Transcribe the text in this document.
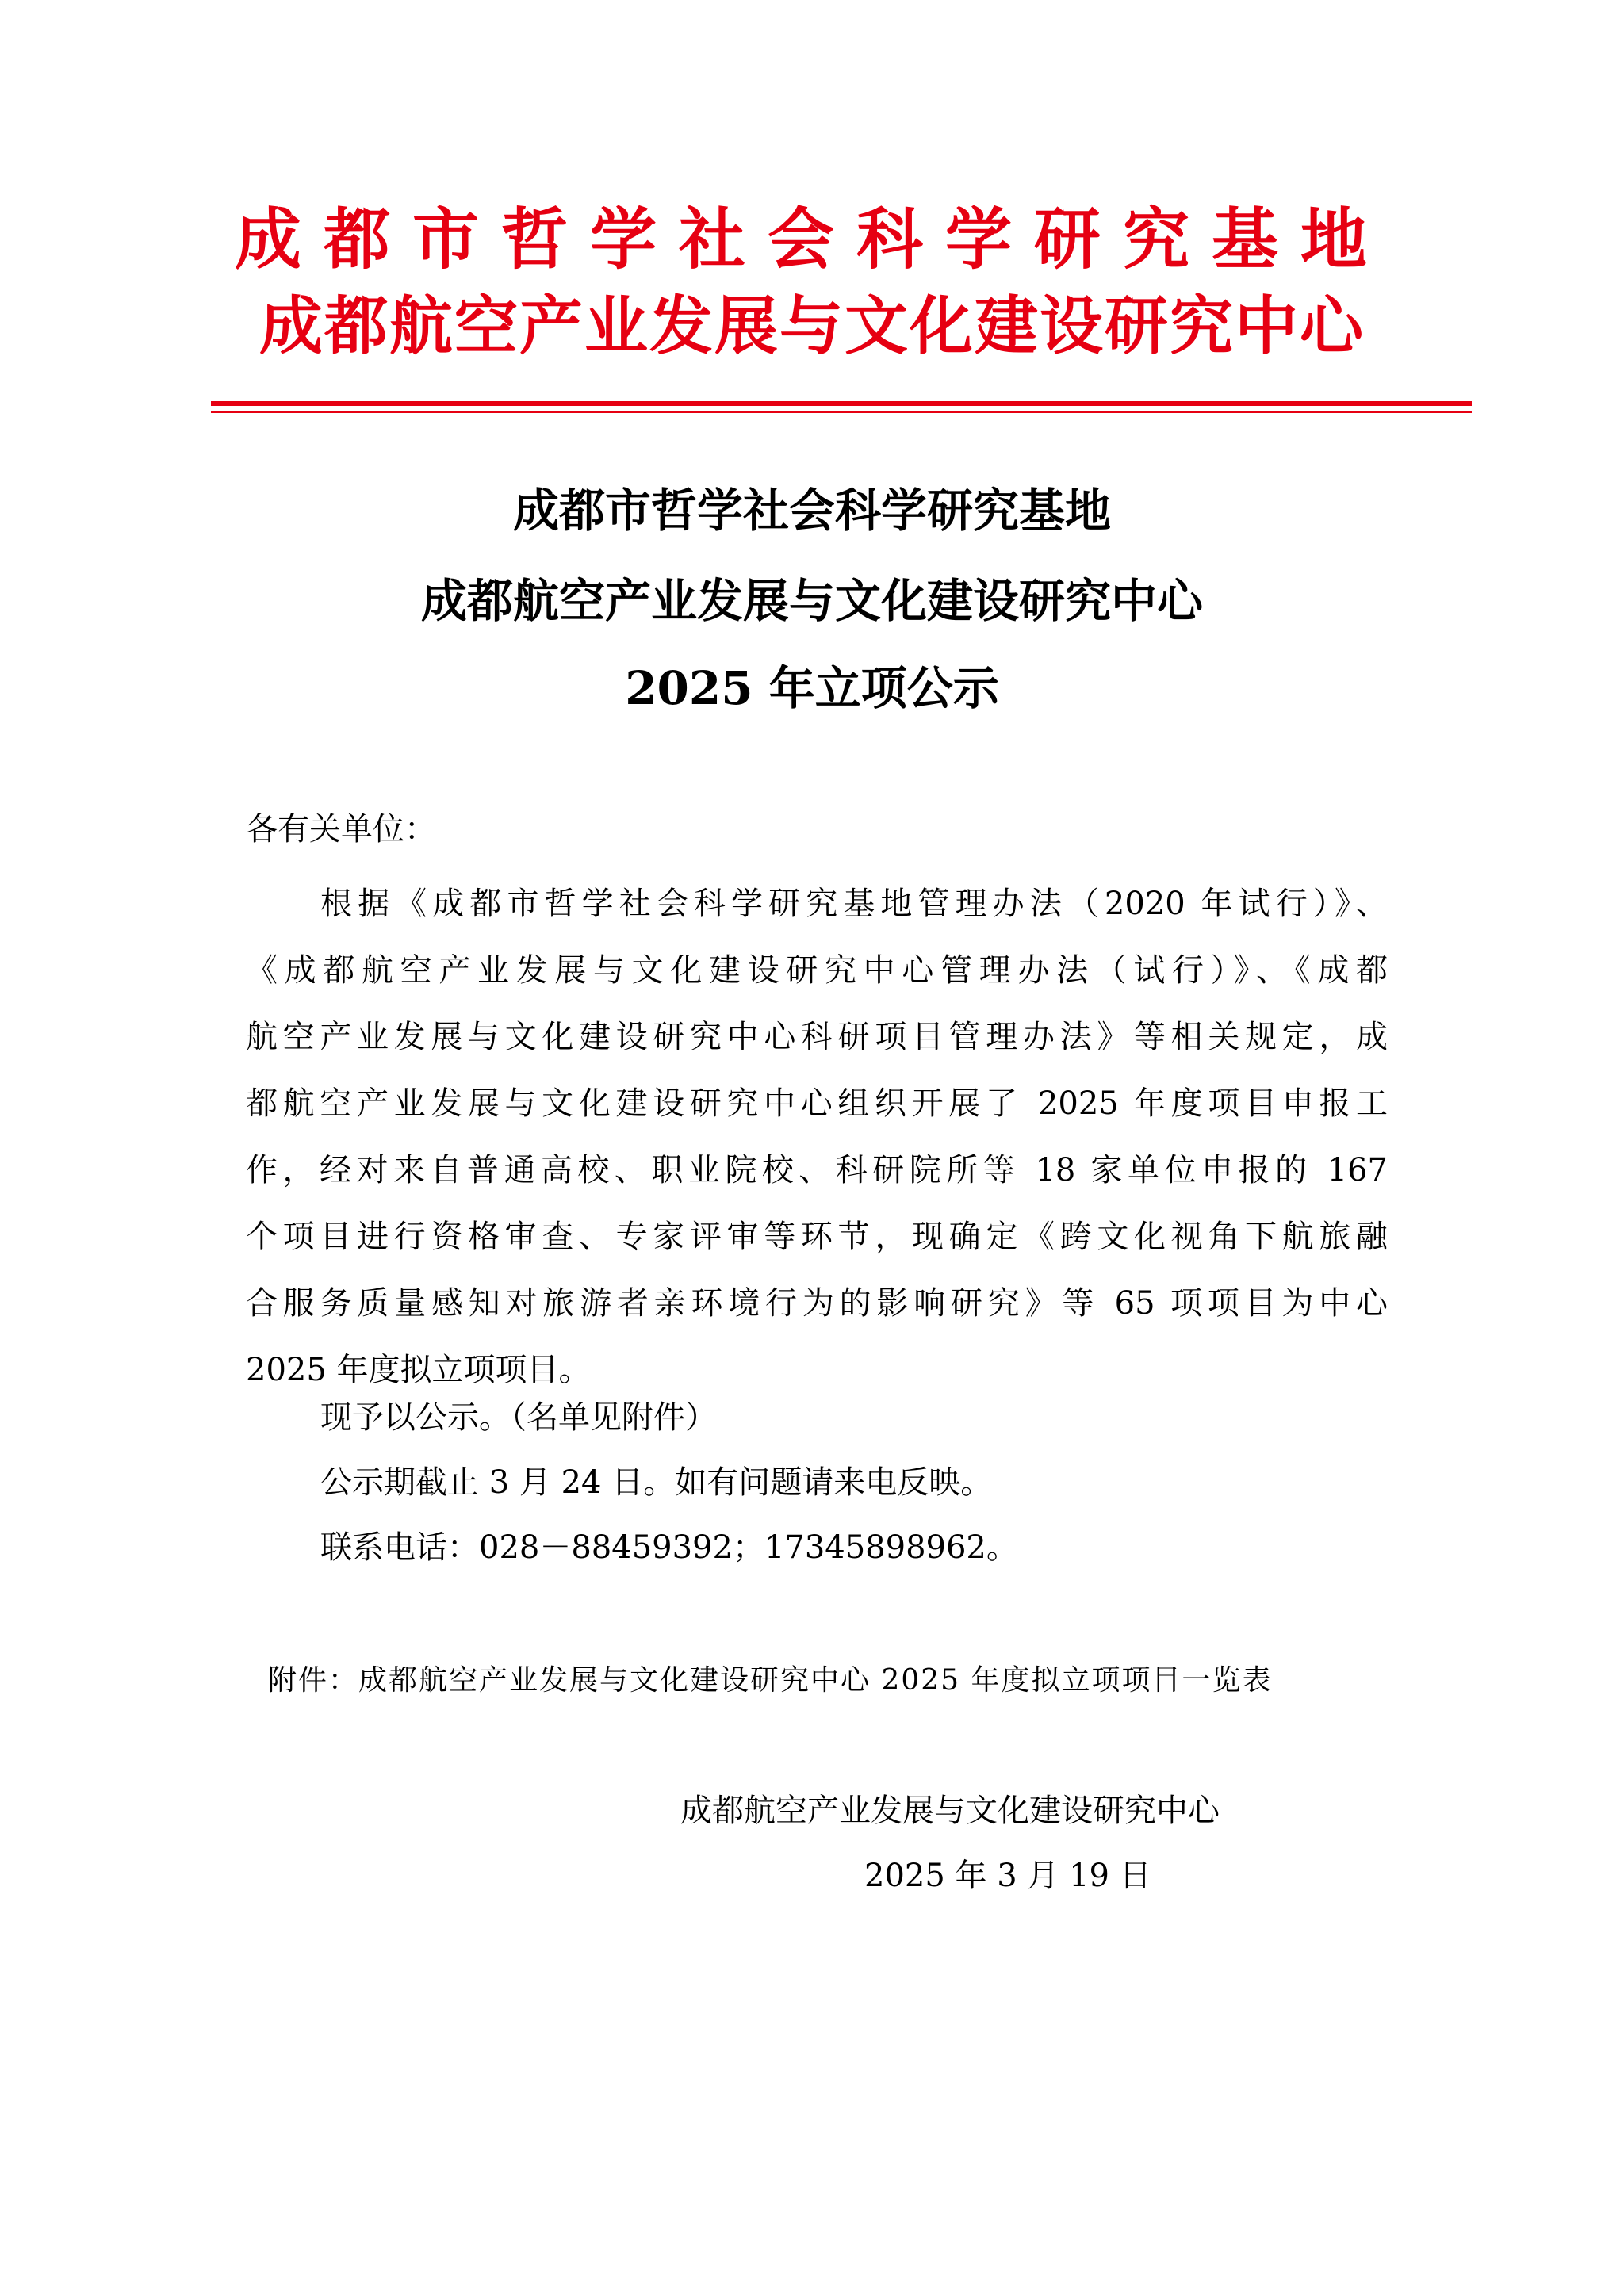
成都市哲学社会科学研究基地
成都航空产业发展与文化建设研究中心
成都市哲学社会科学研究基地
成都航空产业发展与文化建设研究中心
2025 年立项公示
各有关单位：
根据《成都市哲学社会科学研究基地管理办法（2020 年试行）》、
《成都航空产业发展与文化建设研究中心管理办法（试行）》、《成都
航空产业发展与文化建设研究中心科研项目管理办法》等相关规定，成
都航空产业发展与文化建设研究中心组织开展了 2025 年度项目申报工
作，经对来自普通高校、职业院校、科研院所等 18 家单位申报的 167
个项目进行资格审查、专家评审等环节，现确定《跨文化视角下航旅融
合服务质量感知对旅游者亲环境行为的影响研究》等 65 项项目为中心
2025 年度拟立项项目。
现予以公示。（名单见附件）
公示期截止 3 月 24 日。如有问题请来电反映。
联系电话：028－88459392；17345898962。
附件：成都航空产业发展与文化建设研究中心 2025 年度拟立项项目一览表
成都航空产业发展与文化建设研究中心
2025 年 3 月 19 日
